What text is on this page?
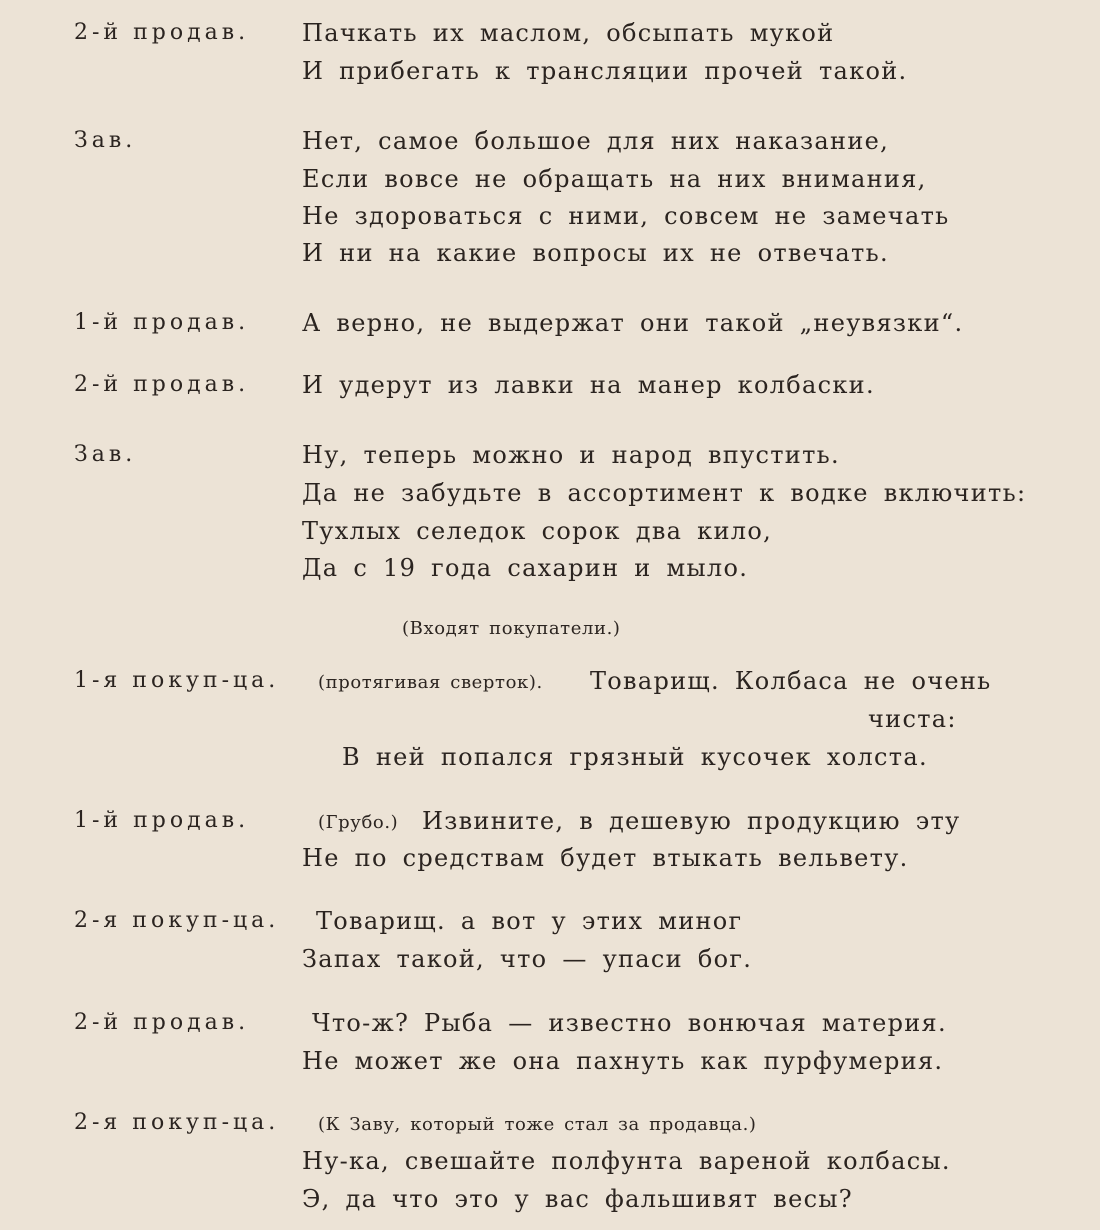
2-й продав. Пачкать их маслом, обсыпать мукой
И прибегать к трансляции прочей такой.
Зав.	Нет, самое большое для них наказание,
Если вовсе не обращать на них внимания,
Не здороваться с ними, совсем не замечать
И ни на какие вопросы их не отвечать.
1-й продав. А верно, не выдержат они такой „неувязки“.
2-й продав. И удерут из лавки на манер колбаски.
Зав.	Ну, теперь можно и народ впустить.
Да не забудьте в ассортимент к водке включить:
Тухлых селедок сорок два кило,
Да с 19 года сахарин и мыло.
(Входят покупатели.)
1-я покуп-ца. (протягивая сверток). Товарищ. Колбаса не очень
чиста:
В ней попался грязный кусочек холста.
1-й продав.	(Грубо.) Извините, в дешевую продукцию эту
Не по средствам будет втыкать вельвету.
2-я покуп-ца. Товарищ. а вот у этих миног
Запах такой, что — упаси бог.
2-й продав.	Что-ж? Рыба — известно вонючая материя.
Не может же она пахнуть как пурфумерия.
2-я покуп-ца. (К Заву, который тоже стал за продавца.)
Ну-ка, свешайте полфунта вареной колбасы.
Э, да что это у вас фальшивят весы?
